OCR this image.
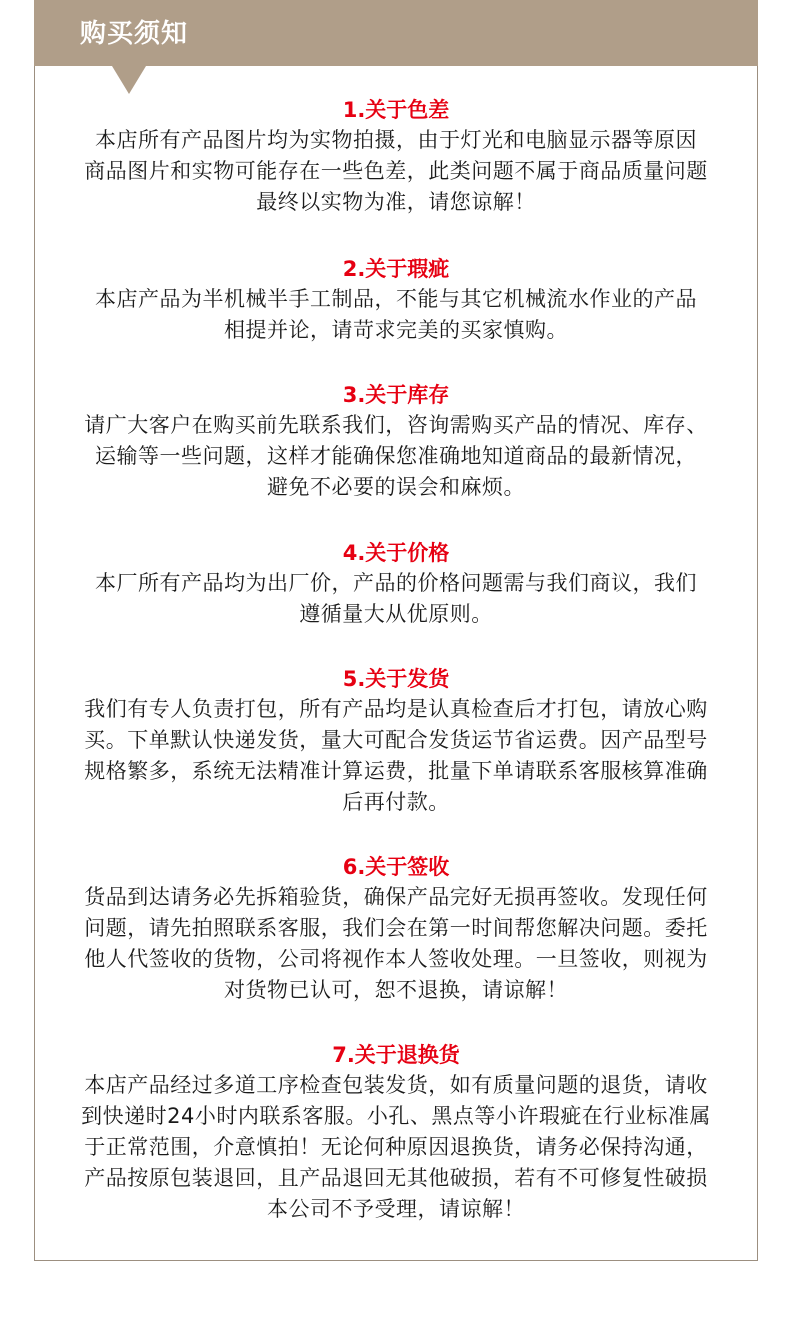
购买须知
1.关于色差
本店所有产品图片均为实物拍摄，由于灯光和电脑显示器等原因
商品图片和实物可能存在一些色差，此类问题不属于商品质量问题
最终以实物为准，请您谅解！
2.关于瑕疵
本店产品为半机械半手工制品，不能与其它机械流水作业的产品
相提并论，请苛求完美的买家慎购。
3.关于库存
请广大客户在购买前先联系我们，咨询需购买产品的情况、库存、
运输等一些问题，这样才能确保您准确地知道商品的最新情况，
避免不必要的误会和麻烦。
4.关于价格
本厂所有产品均为出厂价，产品的价格问题需与我们商议，我们
遵循量大从优原则。
5.关于发货
我们有专人负责打包，所有产品均是认真检查后才打包，请放心购
买。下单默认快递发货，量大可配合发货运节省运费。因产品型号
规格繁多，系统无法精准计算运费，批量下单请联系客服核算准确
后再付款。
6.关于签收
货品到达请务必先拆箱验货，确保产品完好无损再签收。发现任何
问题，请先拍照联系客服，我们会在第一时间帮您解决问题。委托
他人代签收的货物，公司将视作本人签收处理。一旦签收，则视为
对货物已认可，恕不退换，请谅解！
7.关于退换货
本店产品经过多道工序检查包装发货，如有质量问题的退货，请收
到快递时24小时内联系客服。小孔、黑点等小许瑕疵在行业标准属
于正常范围，介意慎拍！无论何种原因退换货，请务必保持沟通，
产品按原包装退回，且产品退回无其他破损，若有不可修复性破损
本公司不予受理，请谅解！
